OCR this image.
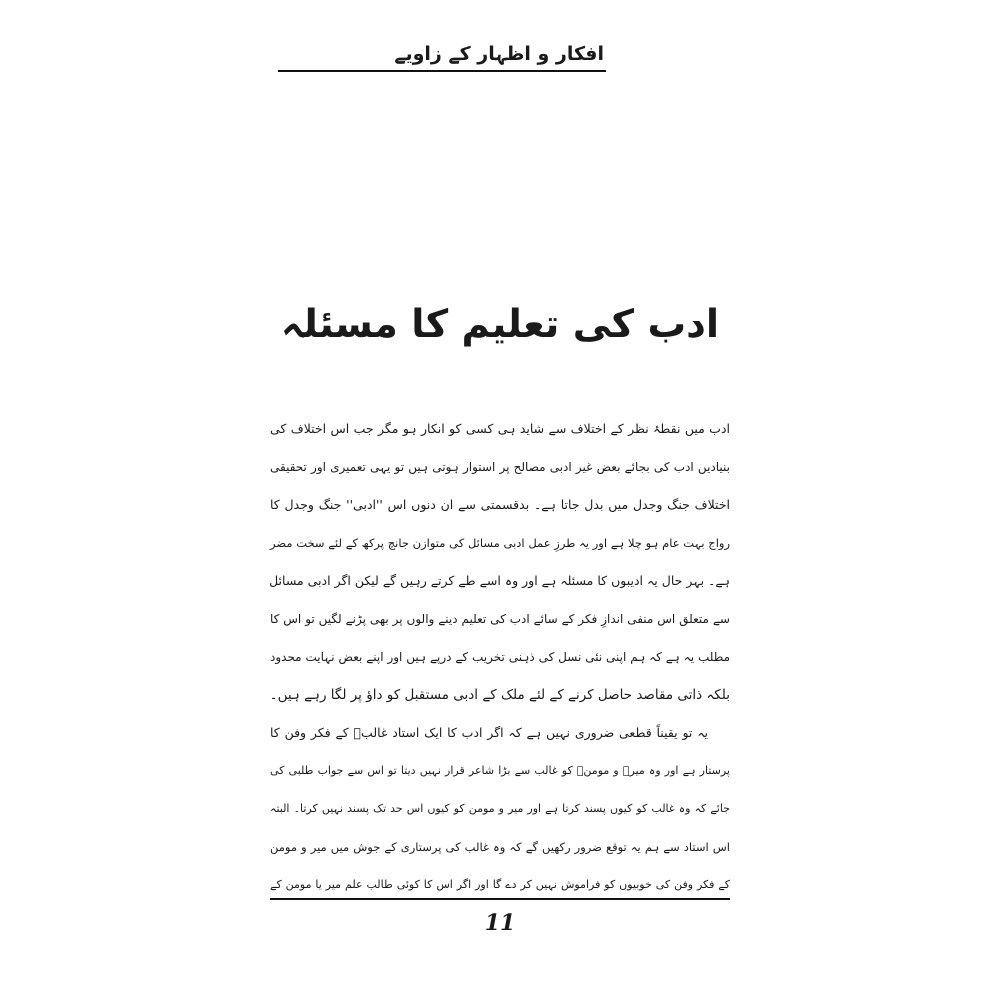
افکار و اظہار کے زاویے
ادب کی تعلیم کا مسئلہ
ادب میں نقطۂ نظر کے اختلاف سے شاید ہی کسی کو انکار ہو مگر جب اس اختلاف کی
بنیادیں ادب کی بجائے بعض غیر ادبی مصالح پر استوار ہوتی ہیں تو یہی تعمیری اور تحقیقی
اختلاف جنگ وجدل میں بدل جاتا ہے۔ بدقسمتی سے ان دنوں اس ''ادبی'' جنگ وجدل کا
رواج بہت عام ہو چلا ہے اور یہ طرزِ عمل ادبی مسائل کی متوازن جانچ پرکھ کے لئے سخت مضر
ہے۔ بہر حال یہ ادیبوں کا مسئلہ ہے اور وہ اسے طے کرتے رہیں گے لیکن اگر ادبی مسائل
سے متعلق اس منفی اندازِ فکر کے سائے ادب کی تعلیم دینے والوں پر بھی پڑنے لگیں تو اس کا
مطلب یہ ہے کہ ہم اپنی نئی نسل کی ذہنی تخریب کے درپے ہیں اور اپنے بعض نہایت محدود
بلکہ ذاتی مقاصد حاصل کرنے کے لئے ملک کے ادبی مستقبل کو داؤ پر لگا رہے ہیں۔
یہ تو یقیناً قطعی ضروری نہیں ہے کہ اگر ادب کا ایک استاد غالبؔ کے فکر وفن کا
پرستار ہے اور وہ میرؔ و مومنؔ کو غالب سے بڑا شاعر قرار نہیں دیتا تو اس سے جواب طلبی کی
جائے کہ وہ غالب کو کیوں پسند کرتا ہے اور میر و مومن کو کیوں اس حد تک پسند نہیں کرتا۔ البتہ
اس استاد سے ہم یہ توقع ضرور رکھیں گے کہ وہ غالب کی پرستاری کے جوش میں میر و مومن
کے فکر وفن کی خوبیوں کو فراموش نہیں کر دے گا اور اگر اس کا کوئی طالب علم میر یا مومن کے
11
